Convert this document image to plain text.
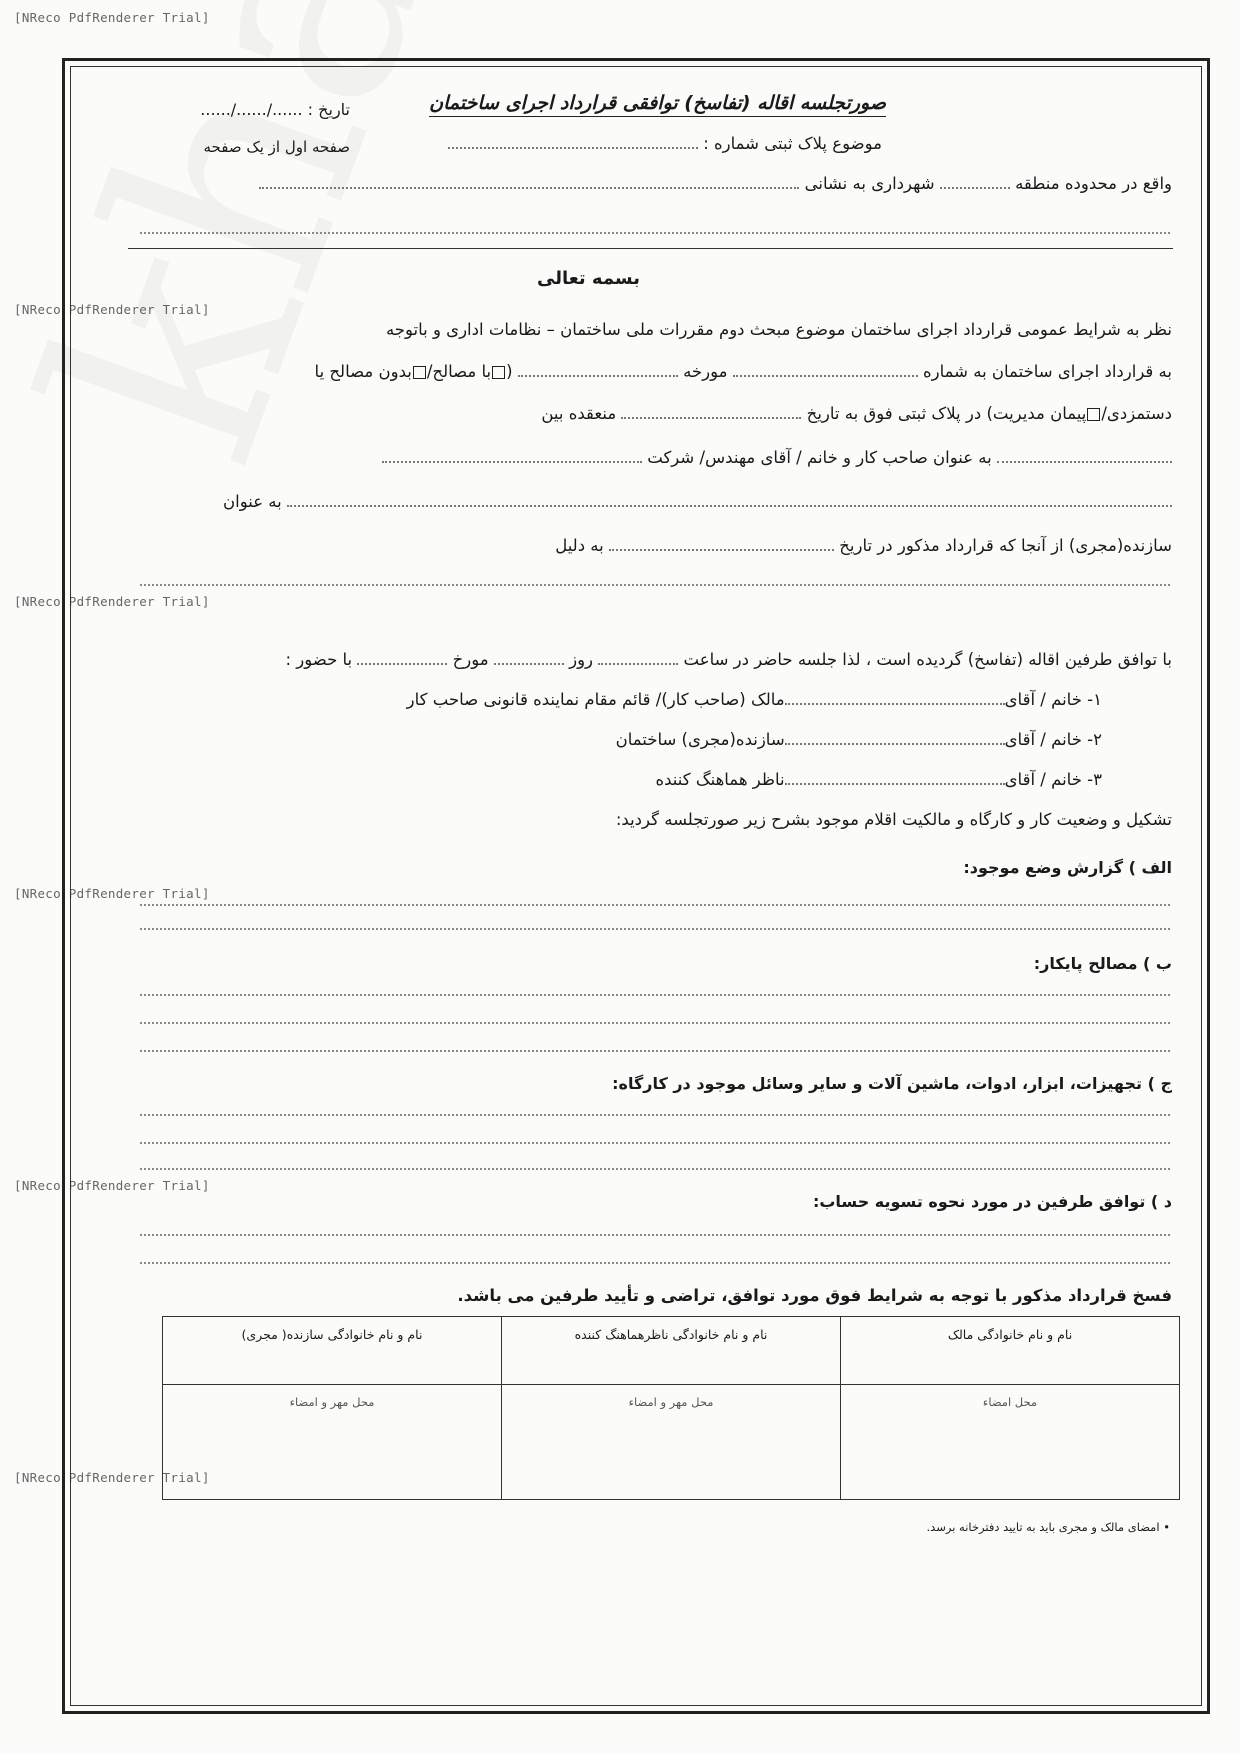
[NReco PdfRenderer Trial]
[NReco PdfRenderer Trial]
[NReco PdfRenderer Trial]
[NReco PdfRenderer Trial]
[NReco PdfRenderer Trial]
[NReco PdfRenderer Trial]
صورتجلسه اقاله (تفاسخ) توافقی قرارداد اجرای ساختمان
تاریخ : ....../....../......
صفحه اول از یک صفحه	موضوع پلاک ثبتی شماره :
واقع در محدوده منطقه  شهرداری به نشانی
بسمه تعالی
نظر به شرایط عمومی قرارداد اجرای ساختمان موضوع مبحث دوم مقررات ملی ساختمان – نظامات اداری و باتوجه
به قرارداد اجرای ساختمان به شماره  مورخه  (با مصالح/بدون مصالح یا
دستمزدی/پیمان مدیریت) در پلاک ثبتی فوق به تاریخ  منعقده بین
به عنوان صاحب کار و خانم / آقای مهندس/ شرکت
به عنوان
سازنده(مجری) از آنجا که قرارداد مذکور در تاریخ  به دلیل
با توافق طرفین اقاله (تفاسخ) گردیده است ، لذا جلسه حاضر در ساعت  روز  مورخ  با حضور :
۱- خانم / آقایمالک (صاحب کار)/ قائم مقام نماینده قانونی صاحب کار
۲- خانم / آقایسازنده(مجری) ساختمان
۳- خانم / آقایناظر هماهنگ کننده
تشکیل و وضعیت کار و کارگاه و مالکیت اقلام موجود بشرح زیر صورتجلسه گردید:
الف ) گزارش وضع موجود:
ب ) مصالح پایکار:
ج ) تجهیزات، ابزار، ادوات، ماشین آلات و سایر وسائل موجود در کارگاه:
د ) توافق طرفین در مورد نحوه تسویه حساب:
فسخ قرارداد مذکور با توجه به شرایط فوق مورد توافق، تراضی و تأیید طرفین می باشد.
نام و نام خانوادگی مالک	نام و نام خانوادگی ناظرهماهنگ کننده	نام و نام خانوادگی سازنده( مجری)
محل امضاء	محل مهر و امضاء	محل مهر و امضاء
• امضای مالک و مجری باید به تایید دفترخانه برسد.
